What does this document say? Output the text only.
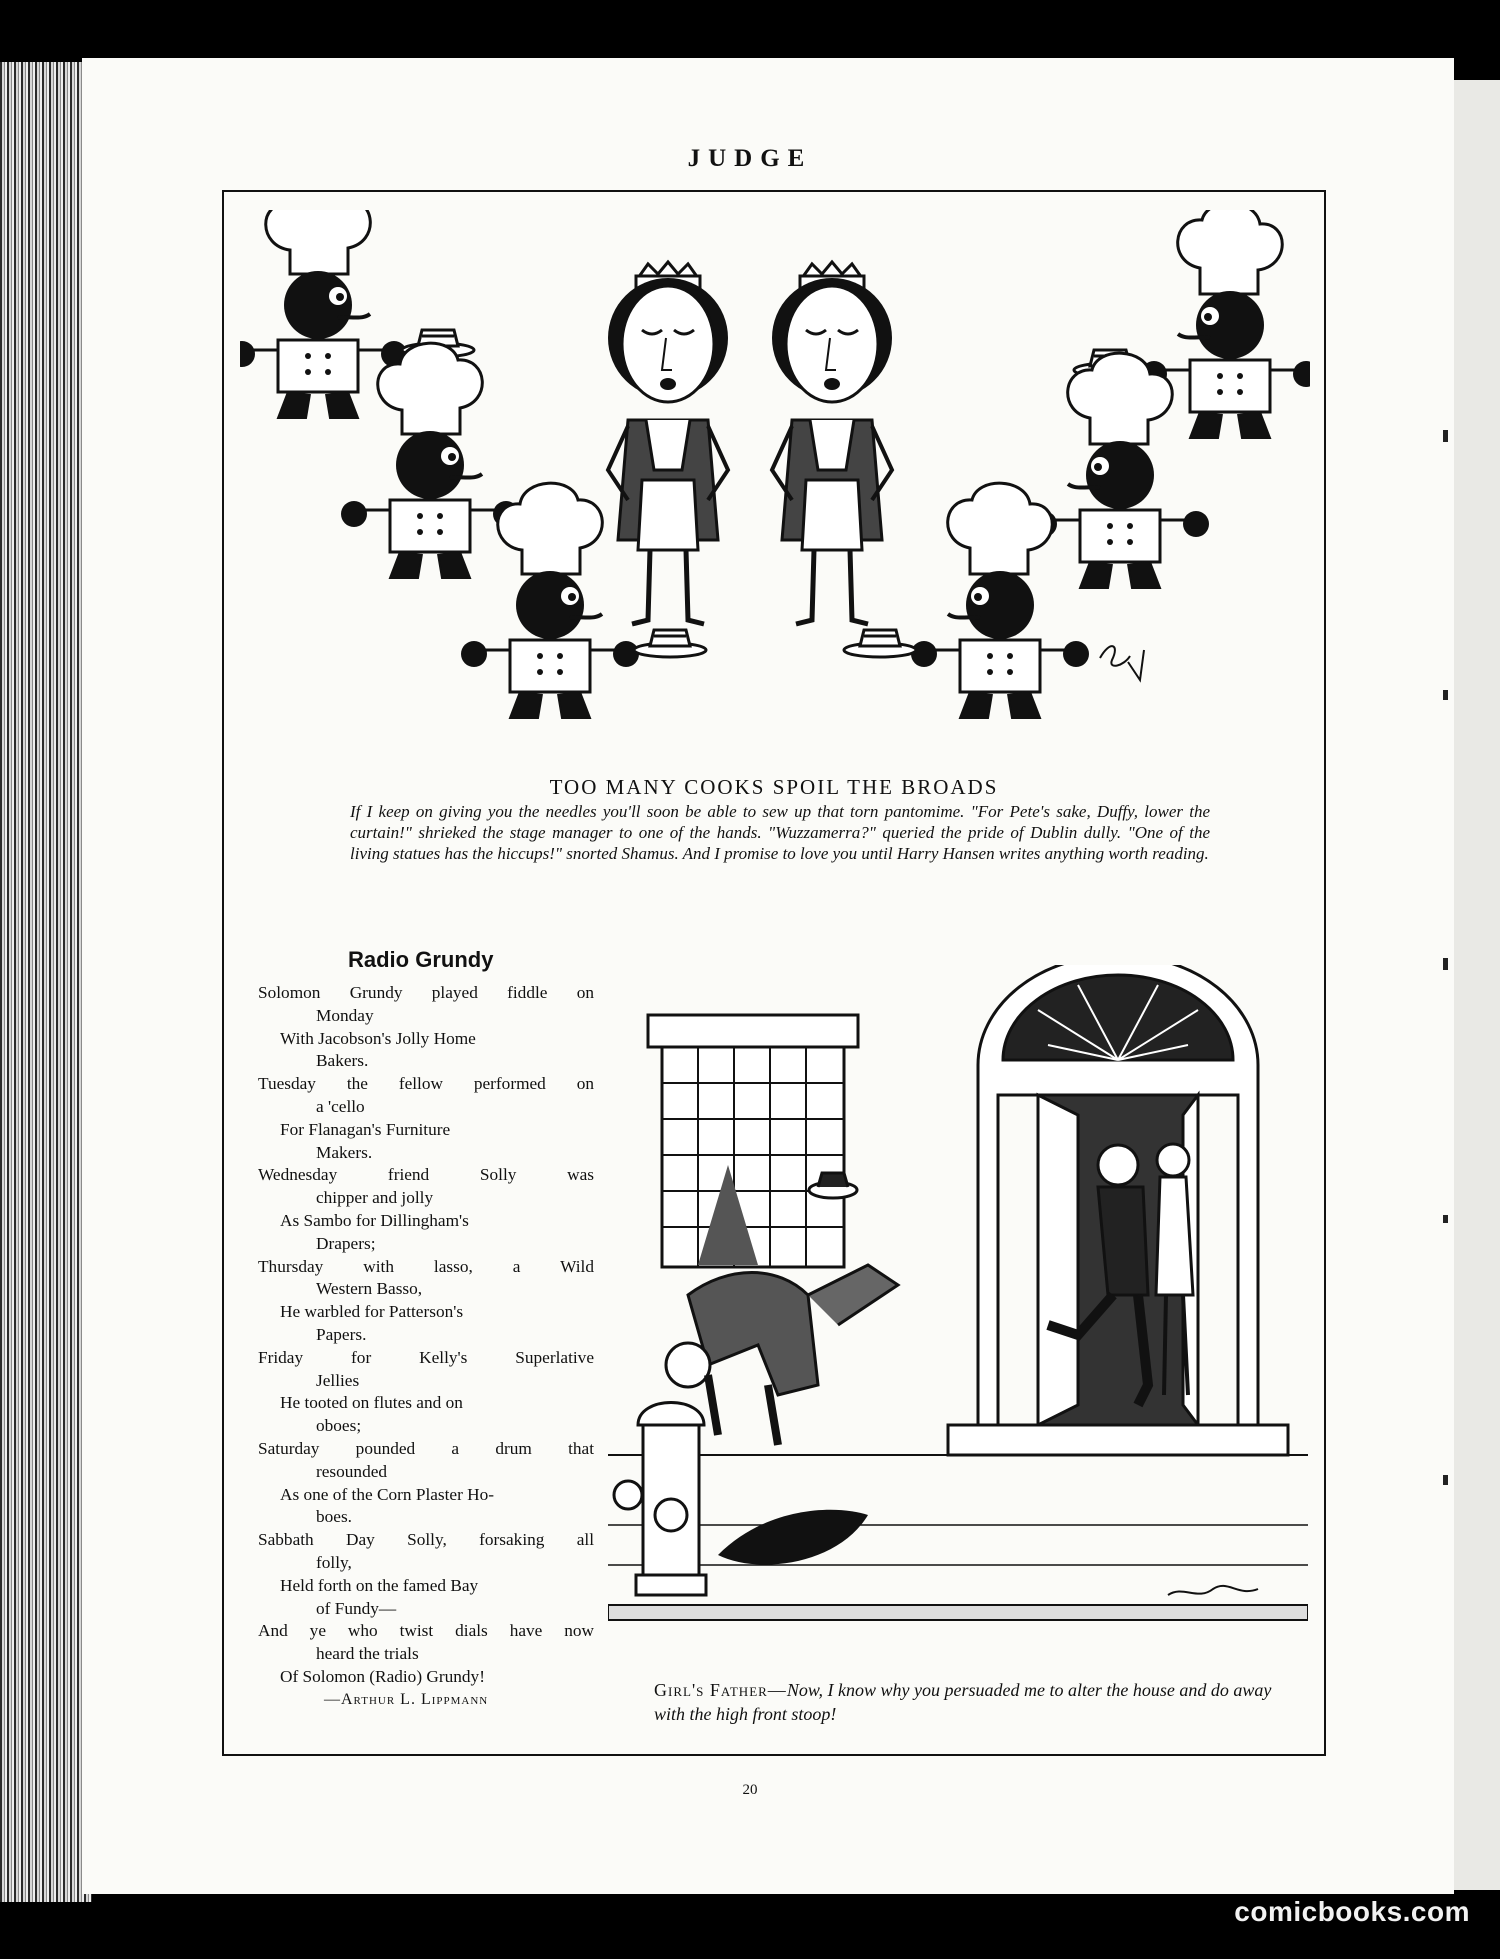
JUDGE
TOO MANY COOKS SPOIL THE BROADS

If I keep on giving you the needles you'll soon be able to sew up that torn pantomime. "For Pete's sake, Duffy, lower the curtain!" shrieked the stage manager to one of the hands. "Wuzzamerra?" queried the pride of Dublin dully. "One of the living statues has the hiccups!" snorted Shamus. And I promise to love you until Harry Hansen writes anything worth reading.

Radio Grundy
Solomon Grundy played fiddle on
Monday
With Jacobson's Jolly Home
Bakers.
Tuesday the fellow performed on
a 'cello
For Flanagan's Furniture
Makers.
Wednesday friend Solly was
chipper and jolly
As Sambo for Dillingham's
Drapers;
Thursday with lasso, a Wild
Western Basso,
He warbled for Patterson's
Papers.
Friday for Kelly's Superlative
Jellies
He tooted on flutes and on
oboes;
Saturday pounded a drum that
resounded
As one of the Corn Plaster Ho-
boes.
Sabbath Day Solly, forsaking all
folly,
Held forth on the famed Bay
of Fundy—
And ye who twist dials have now
heard the trials
Of Solomon (Radio) Grundy!
—Arthur L. Lippmann	Girl's Father—Now, I know why you persuaded me to alter the house and do away with the high front stoop!

20
comicbooks.com
